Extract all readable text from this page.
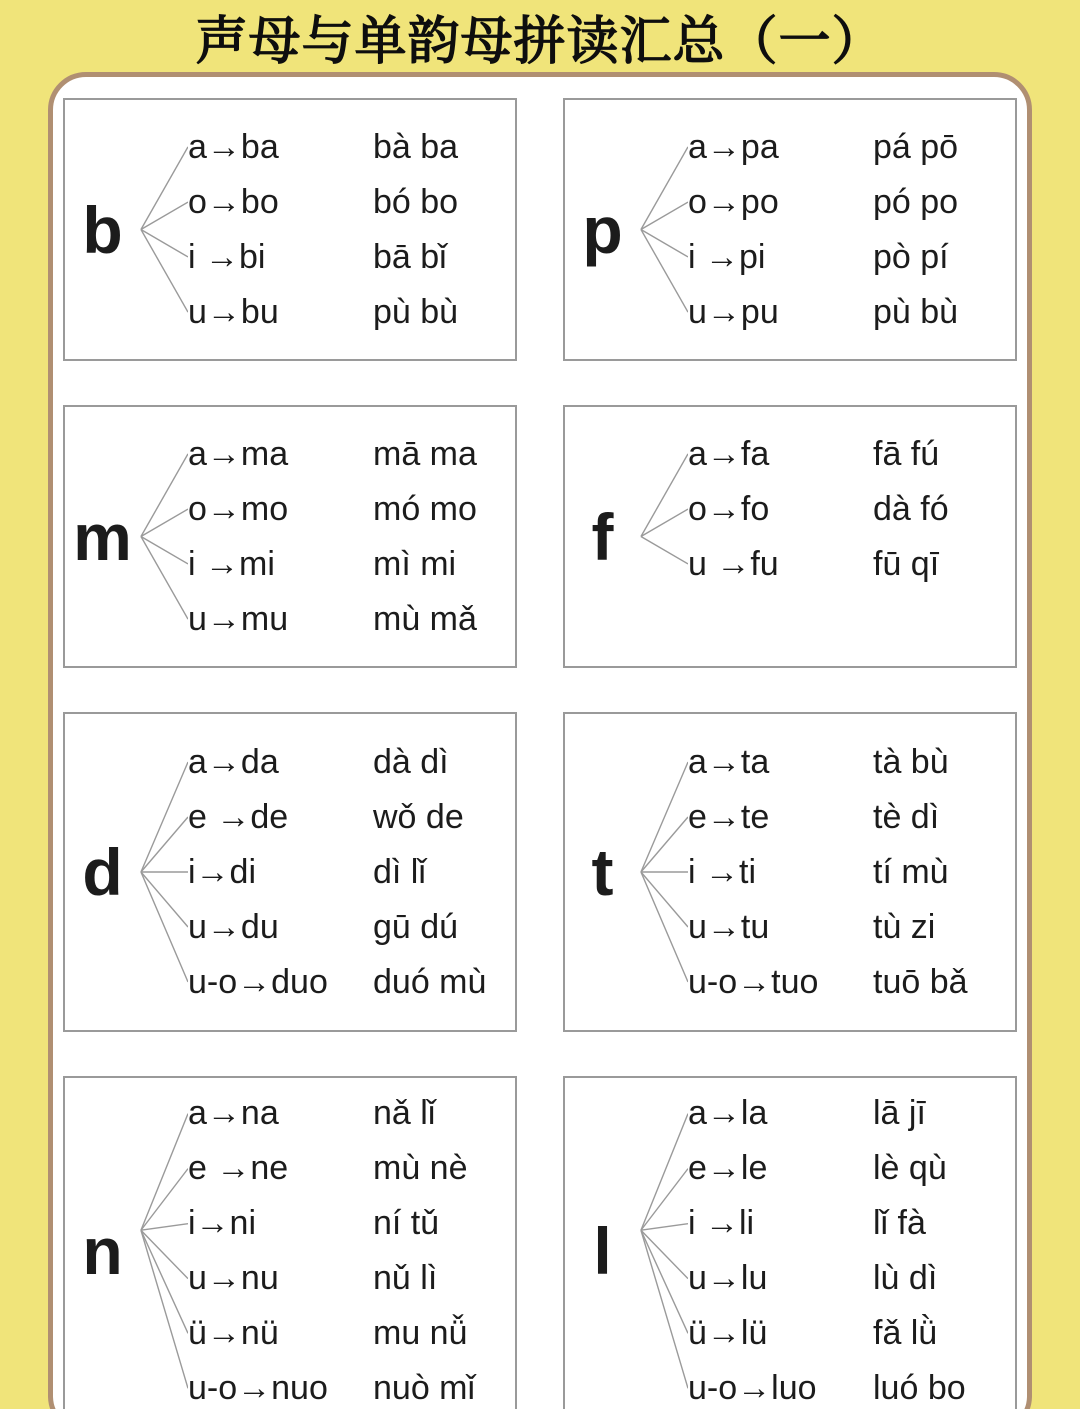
声母与单韵母拼读汇总（一）
b
a→ba	bà ba
o→bo	bó bo
i →bi	bā bǐ
u→bu	pù bù
p
a→pa	pá pō
o→po	pó po
i →pi	pò pí
u→pu	pù bù
m
a→ma	mā ma
o→mo	mó mo
i →mi	mì mi
u→mu	mù mǎ
f
a→fa	fā fú
o→fo	dà fó
u →fu	fū qī
d
a→da	dà dì
e →de	wǒ de
i→di	dì lǐ
u→du	gū dú
u-o→duo	duó mù
t
a→ta	tà bù
e→te	tè dì
i →ti	tí mù
u→tu	tù zi
u-o→tuo	tuō bǎ
n
a→na	nǎ lǐ
e →ne	mù nè
i→ni	ní tǔ
u→nu	nǔ lì
ü→nü	mu nǚ
u-o→nuo	nuò mǐ
l
a→la	lā jī
e→le	lè qù
i →li	lǐ fà
u→lu	lù dì
ü→lü	fǎ lǜ
u-o→luo	luó bo
